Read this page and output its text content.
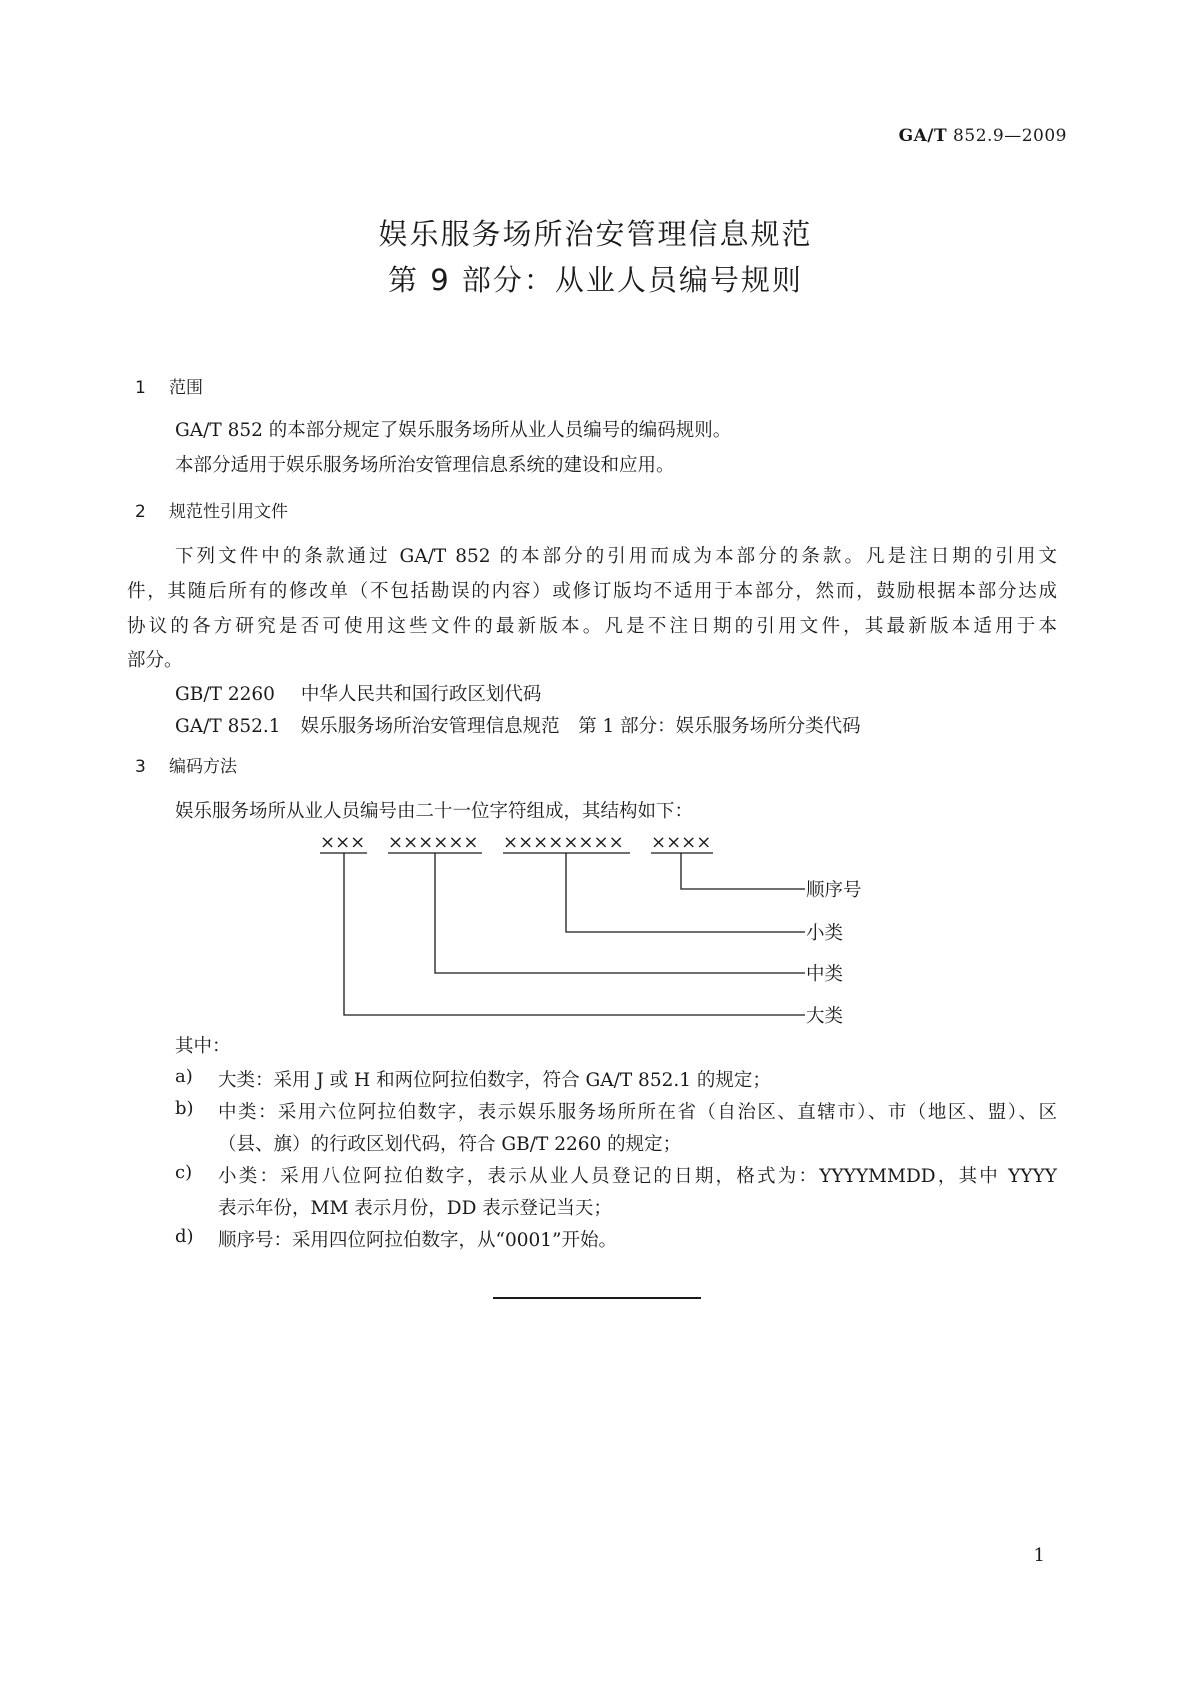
GA/T 852.9—2009
娱乐服务场所治安管理信息规范
第 9 部分：从业人员编号规则
1 范围
GA/T 852 的本部分规定了娱乐服务场所从业人员编号的编码规则。
本部分适用于娱乐服务场所治安管理信息系统的建设和应用。
2 规范性引用文件
下列文件中的条款通过 GA/T 852 的本部分的引用而成为本部分的条款。凡是注日期的引用文
件，其随后所有的修改单（不包括勘误的内容）或修订版均不适用于本部分，然而，鼓励根据本部分达成
协议的各方研究是否可使用这些文件的最新版本。凡是不注日期的引用文件，其最新版本适用于本
部分。
GB/T 2260 中华人民共和国行政区划代码
GA/T 852.1 娱乐服务场所治安管理信息规范　第 1 部分：娱乐服务场所分类代码
3 编码方法
娱乐服务场所从业人员编号由二十一位字符组成，其结构如下：
××× ×××××× ×××××××× ××××
顺序号
小类
中类
大类
其中：
a) 大类：采用 J 或 H 和两位阿拉伯数字，符合 GA/T 852.1 的规定；
b) 中类：采用六位阿拉伯数字，表示娱乐服务场所所在省（自治区、直辖市）、市（地区、盟）、区
（县、旗）的行政区划代码，符合 GB/T 2260 的规定；
c) 小类：采用八位阿拉伯数字，表示从业人员登记的日期，格式为：YYYYMMDD，其中 YYYY
表示年份，MM 表示月份，DD 表示登记当天；
d) 顺序号：采用四位阿拉伯数字，从“0001”开始。
1
